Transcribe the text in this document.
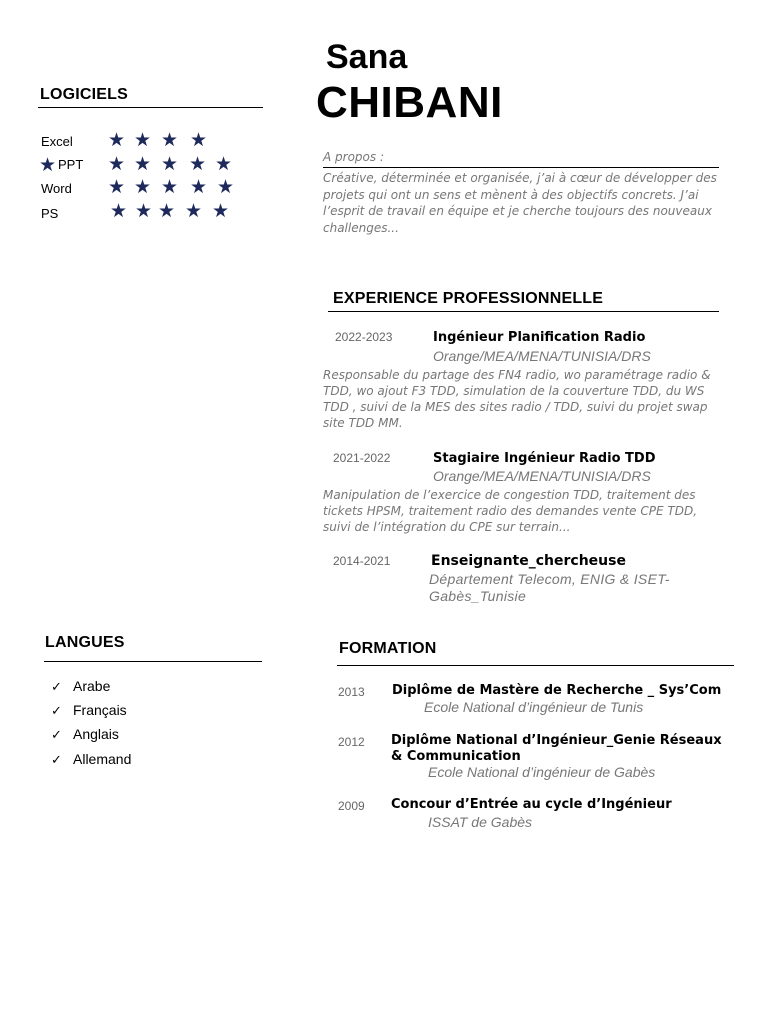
Sana
CHIBANI
A propos :
Créative, déterminée et organisée, j’ai à cœur de développer des projets qui ont un sens et mènent à des objectifs concrets. J’ai l’esprit de travail en équipe et je cherche toujours des nouveaux challenges...
LOGICIELS
Excel ★ ★ ★ ★
★ PPT ★ ★ ★ ★ ★
Word ★ ★ ★ ★ ★
PS	★ ★ ★ ★ ★
EXPERIENCE PROFESSIONNELLE
2022-2023	Ingénieur Planification Radio
Orange/MEA/MENA/TUNISIA/DRS
Responsable du partage des FN4 radio, wo paramétrage radio & TDD, wo ajout F3 TDD, simulation de la couverture TDD, du WS TDD , suivi de la MES des sites radio / TDD, suivi du projet swap site TDD MM.
2021-2022	Stagiaire Ingénieur Radio TDD
Orange/MEA/MENA/TUNISIA/DRS
Manipulation de l’exercice de congestion TDD, traitement des tickets HPSM, traitement radio des demandes vente CPE TDD, suivi de l’intégration du CPE sur terrain...
2014-2021	Enseignante_chercheuse
Département Telecom, ENIG & ISET-Gabès_Tunisie
LANGUES
✓ Arabe
✓ Français
✓ Anglais
✓ Allemand
FORMATION
2013 Diplôme de Mastère de Recherche _ Sys’Com
Ecole National d’ingénieur de Tunis
2012 Diplôme National d’Ingénieur_Genie Réseaux & Communication
Ecole National d’ingénieur de Gabès
2009 Concour d’Entrée au cycle d’Ingénieur
ISSAT de Gabès
